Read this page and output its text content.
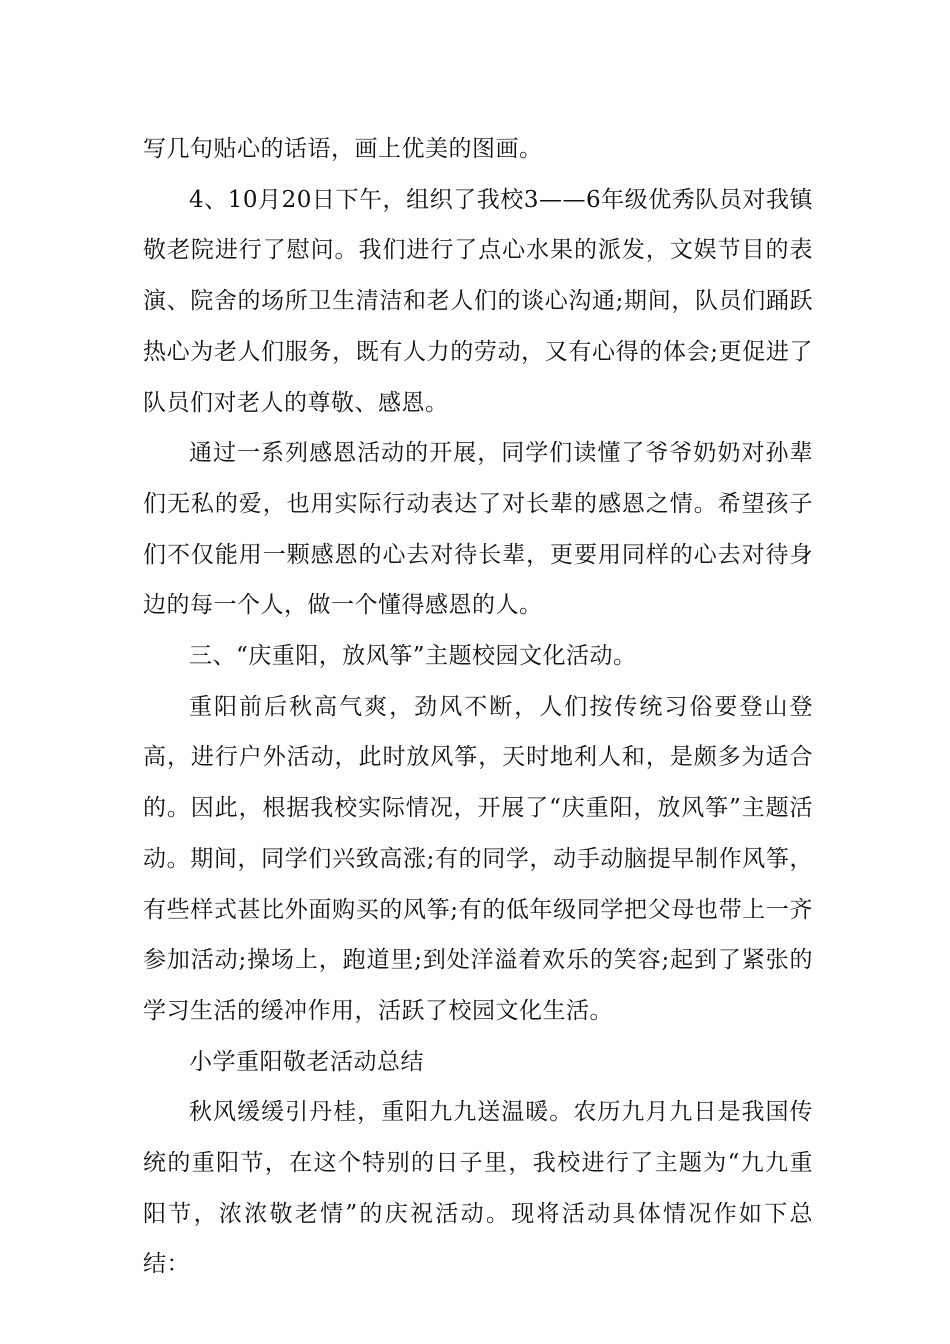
写几句贴心的话语，画上优美的图画。

4、10月20日下午，组织了我校3——6年级优秀队员对我镇敬老院进行了慰问。我们进行了点心水果的派发，文娱节目的表演、院舍的场所卫生清洁和老人们的谈心沟通;期间，队员们踊跃热心为老人们服务，既有人力的劳动，又有心得的体会;更促进了队员们对老人的尊敬、感恩。

通过一系列感恩活动的开展，同学们读懂了爷爷奶奶对孙辈们无私的爱，也用实际行动表达了对长辈的感恩之情。希望孩子们不仅能用一颗感恩的心去对待长辈，更要用同样的心去对待身边的每一个人，做一个懂得感恩的人。

三、“庆重阳，放风筝”主题校园文化活动。

重阳前后秋高气爽，劲风不断，人们按传统习俗要登山登高，进行户外活动，此时放风筝，天时地利人和，是颇多为适合的。因此，根据我校实际情况，开展了“庆重阳，放风筝”主题活动。期间，同学们兴致高涨;有的同学，动手动脑提早制作风筝，有些样式甚比外面购买的风筝;有的低年级同学把父母也带上一齐参加活动;操场上，跑道里;到处洋溢着欢乐的笑容;起到了紧张的学习生活的缓冲作用，活跃了校园文化生活。

小学重阳敬老活动总结

秋风缓缓引丹桂，重阳九九送温暖。农历九月九日是我国传统的重阳节，在这个特别的日子里，我校进行了主题为“九九重阳节，浓浓敬老情”的庆祝活动。现将活动具体情况作如下总结：
